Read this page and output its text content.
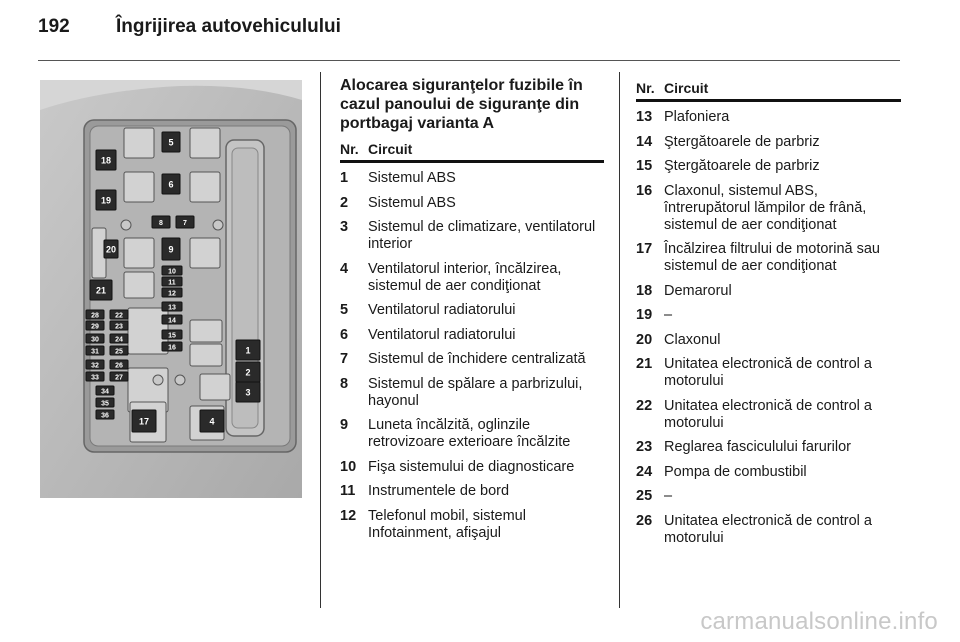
192	Îngrijirea autovehiculului
1
2
3
4
5
6
7
8
9
10
11
12
13
14
15
16
17
18
19
20
21
22
23
24
25
26
27
28
29
30
31
32
33
34
35
36
Alocarea siguranţelor fuzibile în cazul panoului de siguranţe din portbagaj varianta A
Nr. Circuit
1	Sistemul ABS
2	Sistemul ABS
3	Sistemul de climatizare, ventilatorul interior
4	Ventilatorul interior, încălzirea, sistemul de aer condiţionat
5	Ventilatorul radiatorului
6	Ventilatorul radiatorului
7	Sistemul de închidere centralizată
8	Sistemul de spălare a parbrizului, hayonul
9	Luneta încălzită, oglinzile retrovizoare exterioare încălzite
10 Fişa sistemului de diagnosticare
11 Instrumentele de bord
12 Telefonul mobil, sistemul Infotainment, afişajul
Nr. Circuit
13 Plafoniera
14 Ştergătoarele de parbriz
15 Ştergătoarele de parbriz
16 Claxonul, sistemul ABS, întrerupătorul lămpilor de frână, sistemul de aer condiţionat
17 Încălzirea filtrului de motorină sau sistemul de aer condiţionat
18 Demarorul
19 –
20 Claxonul
21 Unitatea electronică de control a motorului
22 Unitatea electronică de control a motorului
23 Reglarea fasciculului farurilor
24 Pompa de combustibil
25 –
26 Unitatea electronică de control a motorului
carmanualsonline.info
